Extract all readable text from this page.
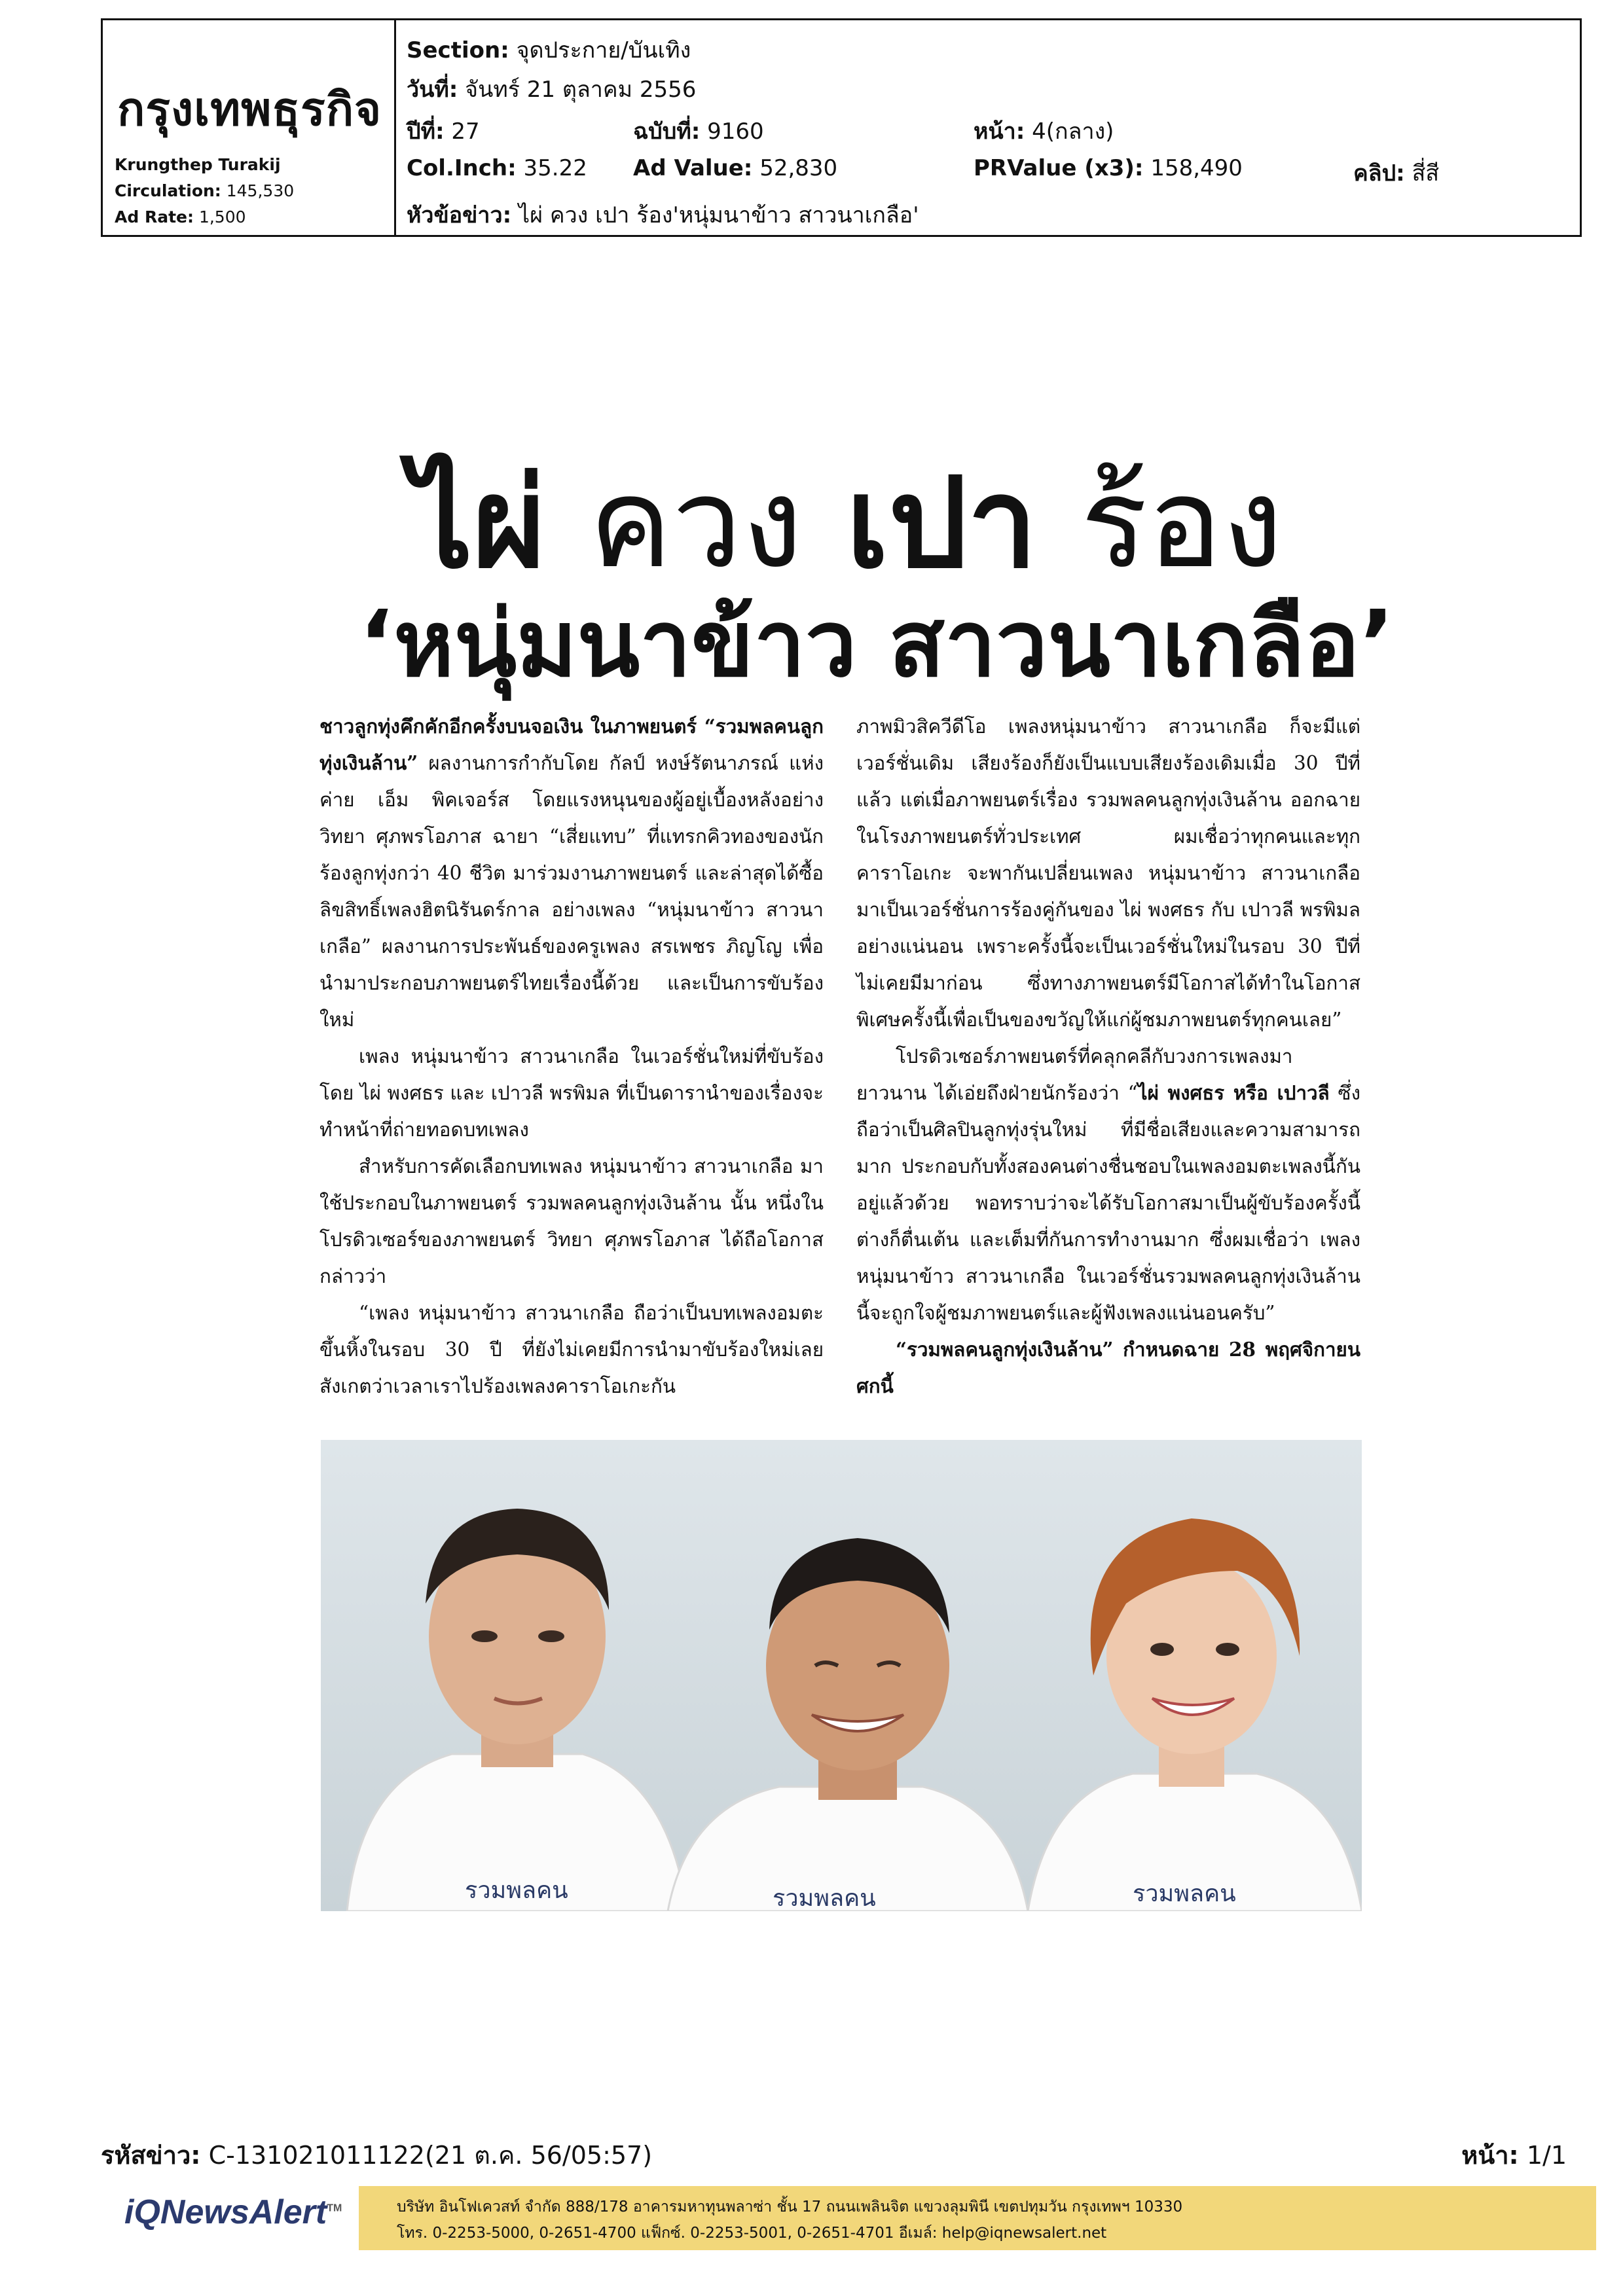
กรุงเทพธุรกิจ
Krungthep Turakij
Circulation: 145,530
Ad Rate: 1,500
Section: จุดประกาย/บันเทิง
วันที่: จันทร์ 21 ตุลาคม 2556
ปีที่: 27	ฉบับที่: 9160	หน้า: 4(กลาง)
Col.Inch: 35.22 Ad Value: 52,830	PRValue (x3): 158,490	คลิป: สี่สี
หัวข้อข่าว: ไผ่ ควง เปา ร้อง'หนุ่มนาข้าว สาวนาเกลือ'
ไผ่ ควง เปา ร้อง
‘หนุ่มนาข้าว สาวนาเกลือ’

ชาวลูกทุ่งคึกคักอีกครั้งบนจอเงิน ในภาพยนตร์ “รวมพลคนลูกทุ่งเงินล้าน” ผลงานการกำกับโดย กัลป์ หงษ์รัตนาภรณ์ แห่งค่าย เอ็ม พิคเจอร์ส โดยแรงหนุนของผู้อยู่เบื้องหลังอย่าง วิทยา ศุภพรโอภาส ฉายา “เสี่ยแทบ” ที่แทรกคิวทองของนักร้องลูกทุ่งกว่า 40 ชีวิต มาร่วมงานภาพยนตร์ และล่าสุดได้ซื้อลิขสิทธิ์เพลงฮิตนิรันดร์กาล อย่างเพลง “หนุ่มนาข้าว สาวนาเกลือ” ผลงานการประพันธ์ของครูเพลง สรเพชร ภิญโญ เพื่อนำมาประกอบภาพยนตร์ไทยเรื่องนี้ด้วย และเป็นการขับร้องใหม่

เพลง หนุ่มนาข้าว สาวนาเกลือ ในเวอร์ชั่นใหม่ที่ขับร้องโดย ไผ่ พงศธร และ เปาวลี พรพิมล ที่เป็นดารานำของเรื่องจะทำหน้าที่ถ่ายทอดบทเพลง

สำหรับการคัดเลือกบทเพลง หนุ่มนาข้าว สาวนาเกลือ มาใช้ประกอบในภาพยนตร์ รวมพลคนลูกทุ่งเงินล้าน นั้น หนึ่งในโปรดิวเซอร์ของภาพยนตร์ วิทยา ศุภพรโอภาส ได้ถือโอกาสกล่าวว่า

“เพลง หนุ่มนาข้าว สาวนาเกลือ ถือว่าเป็นบทเพลงอมตะขึ้นหิ้งในรอบ 30 ปี ที่ยังไม่เคยมีการนำมาขับร้องใหม่เลย สังเกตว่าเวลาเราไปร้องเพลงคาราโอเกะกัน

ภาพมิวสิควีดีโอ เพลงหนุ่มนาข้าว สาวนาเกลือ ก็จะมีแต่เวอร์ชั่นเดิม เสียงร้องก็ยังเป็นแบบเสียงร้องเดิมเมื่อ 30 ปีที่แล้ว แต่เมื่อภาพยนตร์เรื่อง รวมพลคนลูกทุ่งเงินล้าน ออกฉายในโรงภาพยนตร์ทั่วประเทศ ผมเชื่อว่าทุกคนและทุกคาราโอเกะ จะพากันเปลี่ยนเพลง หนุ่มนาข้าว สาวนาเกลือ มาเป็นเวอร์ชั่นการร้องคู่กันของ ไผ่ พงศธร กับ เปาวลี พรพิมล อย่างแน่นอน เพราะครั้งนี้จะเป็นเวอร์ชั่นใหม่ในรอบ 30 ปีที่ไม่เคยมีมาก่อน ซึ่งทางภาพยนตร์มีโอกาสได้ทำในโอกาสพิเศษครั้งนี้เพื่อเป็นของขวัญให้แก่ผู้ชมภาพยนตร์ทุกคนเลย”

โปรดิวเซอร์ภาพยนตร์ที่คลุกคลีกับวงการเพลงมายาวนาน ได้เอ่ยถึงฝ่ายนักร้องว่า “ไผ่ พงศธร หรือ เปาวลี ซึ่งถือว่าเป็นศิลปินลูกทุ่งรุ่นใหม่ ที่มีชื่อเสียงและความสามารถมาก ประกอบกับทั้งสองคนต่างชื่นชอบในเพลงอมตะเพลงนี้กันอยู่แล้วด้วย พอทราบว่าจะได้รับโอกาสมาเป็นผู้ขับร้องครั้งนี้ ต่างก็ตื่นเต้น และเต็มที่กันการทำงานมาก ซึ่งผมเชื่อว่า เพลง หนุ่มนาข้าว สาวนาเกลือ ในเวอร์ชั่นรวมพลคนลูกทุ่งเงินล้านนี้จะถูกใจผู้ชมภาพยนตร์และผู้ฟังเพลงแน่นอนครับ”

“รวมพลคนลูกทุ่งเงินล้าน” กำหนดฉาย 28 พฤศจิกายน ศกนี้

รวมพลคน	รวมพลคน	รวมพลคน
รหัสข่าว: C-131021011122(21 ต.ค. 56/05:57)	หน้า: 1/1
iQNewsAlert™	บริษัท อินโฟเควสท์ จำกัด 888/178 อาคารมหาทุนพลาซ่า ชั้น 17 ถนนเพลินจิต แขวงลุมพินี เขตปทุมวัน กรุงเทพฯ 10330
โทร. 0-2253-5000, 0-2651-4700 แฟ็กซ์. 0-2253-5001, 0-2651-4701 อีเมล์: help@iqnewsalert.net
